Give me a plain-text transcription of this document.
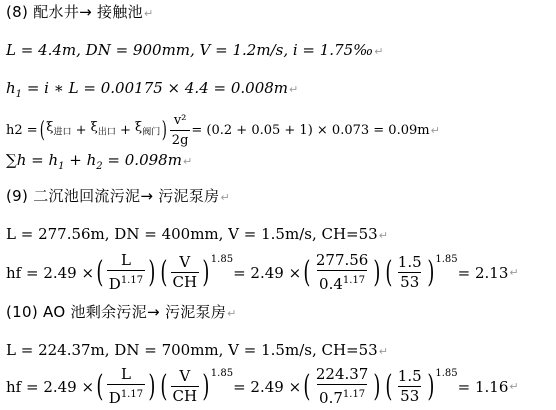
(8) 配水井→ 接触池↵
L = 4.4m, DN = 900mm, V = 1.2m/s, i = 1.75‰↵
$h_1 = i$ ∗ L = 0.00175 × 4.4 = 0.008m↵
h2 = ( $\xi_{进口}$
+
$\xi_{出口}$
+
$\xi_{阀门}$ ) $\frac{\text{v²}}{2g} = (0.2 + 0.05 + 1) \times 0.073 = 0.09m$ ↵
$\sum h = h_1 + h_2$ = 0.098m↵
(9) 二沉池回流污泥→ 污泥泵房↵
L = 277.56m, DN = 400mm, V = 1.5m/s, CH=53↵
hf = 2.49 × ( $\frac{L}{D^{1.17}}$ ) ( $\frac{V}{CH}$ ) 1.85
= 2.49 × ( $\frac{277.56}{0.4^{1.17}}$ ) ( $\frac{1.5}{53}$ ) 1.85
= 2.13 ↵
(10) AO 池剩余污泥→ 污泥泵房↵
L = 224.37m, DN = 700mm, V = 1.5m/s, CH=53↵
hf = 2.49 × ( $\frac{L}{D^{1.17}}$ ) ( $\frac{V}{CH}$ ) 1.85
= 2.49 × ( $\frac{224.37}{0.7^{1.17}}$ ) ( $\frac{1.5}{53}$ ) 1.85
= 1.16 ↵
